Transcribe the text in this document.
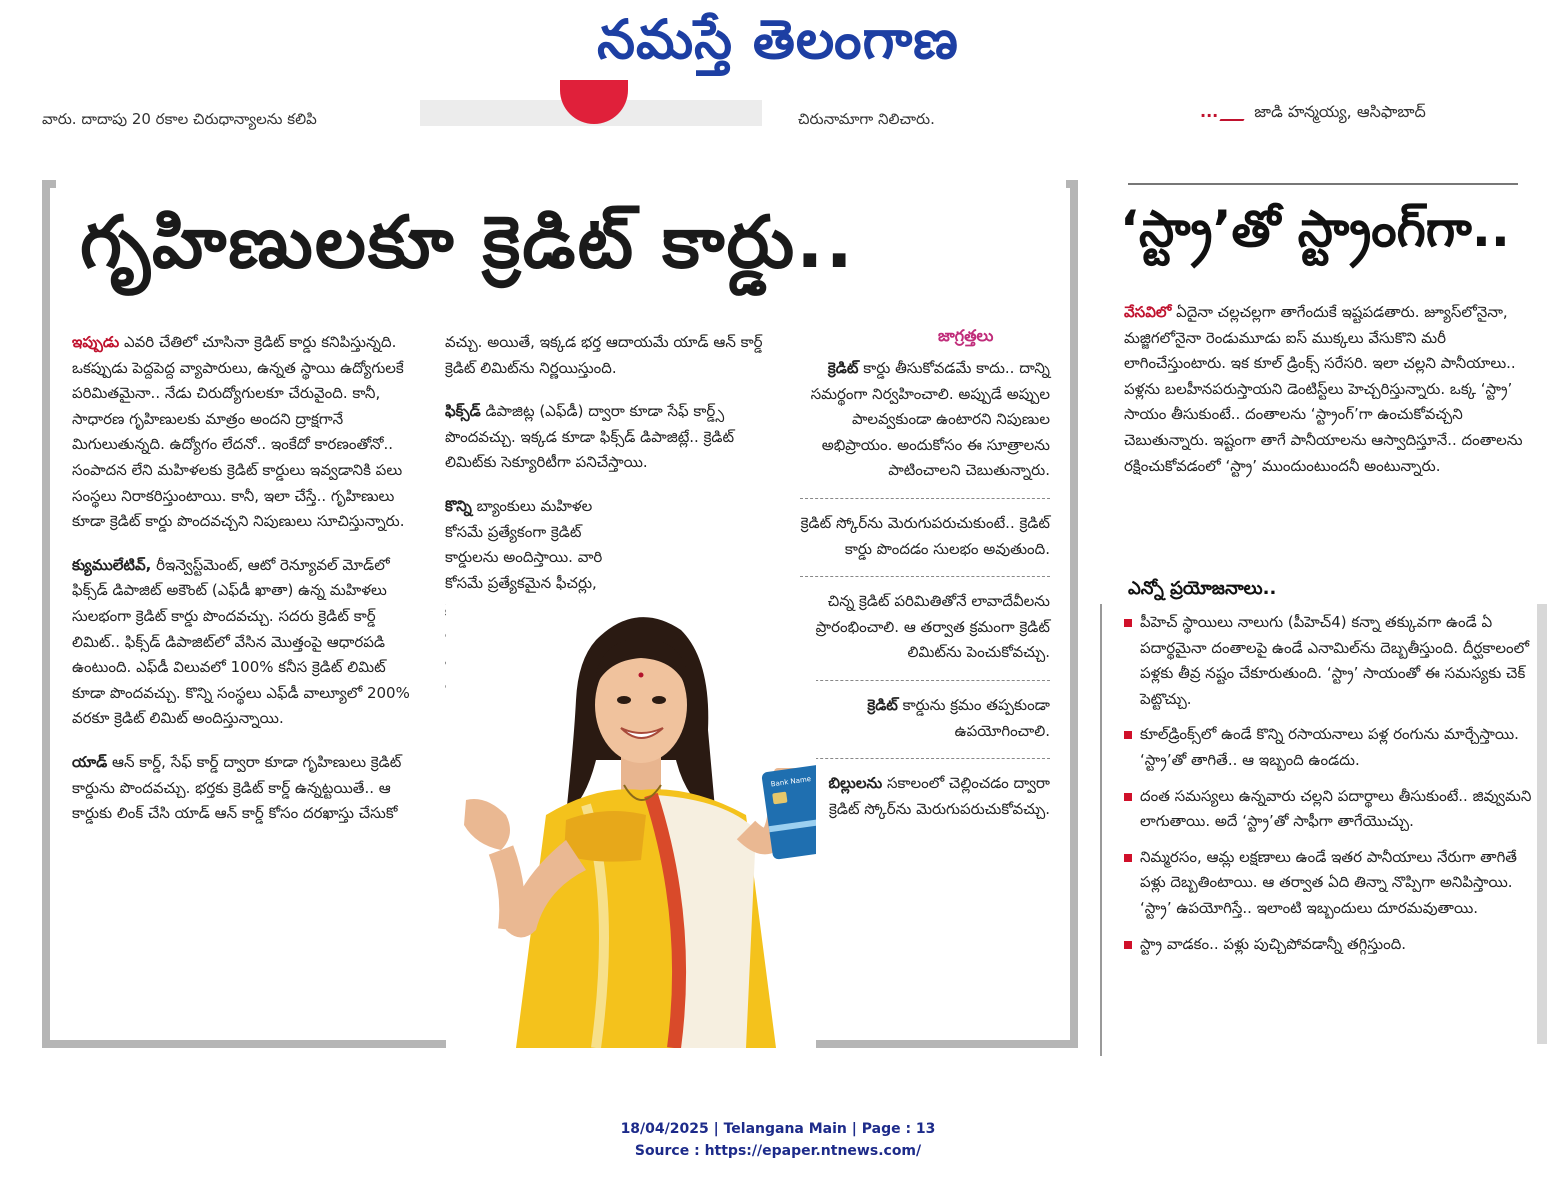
నమస్తే తెలంగాణ
వారు. దాదాపు 20 రకాల చిరుధాన్యాలను కలిపి	చిరునామాగా నిలిచారు.	... జాడి హన్మయ్య, ఆసిఫాబాద్
గృహిణులకూ క్రెడిట్ కార్డు..
జాగ్రత్తలు

ఇప్పుడు ఎవరి చేతిలో చూసినా క్రెడిట్ కార్డు కనిపిస్తున్నది. ఒకప్పుడు పెద్దపెద్ద వ్యాపారులు, ఉన్నత స్థాయి ఉద్యోగులకే పరిమితమైనా.. నేడు చిరుద్యోగులకూ చేరువైంది. కానీ, సాధారణ గృహిణులకు మాత్రం అందని ద్రాక్షగానే మిగులుతున్నది. ఉద్యోగం లేదనో.. ఇంకేదో కారణంతోనో.. సంపాదన లేని మహిళలకు క్రెడిట్ కార్డులు ఇవ్వడానికి పలు సంస్థలు నిరాకరిస్తుంటాయి. కానీ, ఇలా చేస్తే.. గృహిణులు కూడా క్రెడిట్ కార్డు పొందవచ్చని నిపుణులు సూచిస్తున్నారు.

క్యుములేటివ్, రీఇన్వెస్ట్‌మెంట్, ఆటో రెన్యూవల్ మోడ్‌లో ఫిక్స్‌డ్ డిపాజిట్ అకౌంట్ (ఎఫ్‌డీ ఖాతా) ఉన్న మహిళలు సులభంగా క్రెడిట్ కార్డు పొందవచ్చు. సదరు క్రెడిట్ కార్డ్ లిమిట్.. ఫిక్స్‌డ్ డిపాజిట్‌లో వేసిన మొత్తంపై ఆధారపడి ఉంటుంది. ఎఫ్‌డీ విలువలో 100% కనీస క్రెడిట్ లిమిట్ కూడా పొందవచ్చు. కొన్ని సంస్థలు ఎఫ్‌డీ వాల్యూలో 200% వరకూ క్రెడిట్ లిమిట్ అందిస్తున్నాయి.

యాడ్ ఆన్ కార్డ్, సేఫ్ కార్డ్ ద్వారా కూడా గృహిణులు క్రెడిట్ కార్డును పొందవచ్చు. భర్తకు క్రెడిట్ కార్డ్ ఉన్నట్టయితే.. ఆ కార్డుకు లింక్ చేసి యాడ్ ఆన్ కార్డ్ కోసం దరఖాస్తు చేసుకో

వచ్చు. అయితే, ఇక్కడ భర్త ఆదాయమే యాడ్ ఆన్ కార్డ్ క్రెడిట్ లిమిట్‌ను నిర్ణయిస్తుంది.

ఫిక్స్‌డ్ డిపాజిట్ల (ఎఫ్‌డీ) ద్వారా కూడా సేఫ్ కార్డ్స్ పొందవచ్చు. ఇక్కడ కూడా ఫిక్స్‌డ్ డిపాజిట్లే.. క్రెడిట్ లిమిట్‌కు సెక్యూరిటీగా పనిచేస్తాయి.

కొన్ని బ్యాంకులు మహిళల కోసమే ప్రత్యేకంగా క్రెడిట్ కార్డులను అందిస్తాయి. వారి కోసమే ప్రత్యేకమైన ఫీచర్లు,

క్రెడిట్ కార్డు తీసుకోవడమే కాదు.. దాన్ని సమర్థంగా నిర్వహించాలి. అప్పుడే అప్పుల పాలవ్వకుండా ఉంటారని నిపుణుల అభిప్రాయం. అందుకోసం ఈ సూత్రాలను పాటించాలని చెబుతున్నారు.
క్రెడిట్ స్కోర్‌ను మెరుగుపరుచుకుంటే.. క్రెడిట్ కార్డు పొందడం సులభం అవుతుంది.
చిన్న క్రెడిట్ పరిమితితోనే లావాదేవీలను ప్రారంభించాలి. ఆ తర్వాత క్రమంగా క్రెడిట్ లిమిట్‌ను పెంచుకోవచ్చు.
క్రెడిట్ కార్డును క్రమం తప్పకుండా ఉపయోగించాలి.
బిల్లులను సకాలంలో చెల్లించడం ద్వారా క్రెడిట్ స్కోర్‌ను మెరుగుపరుచుకోవచ్చు.
Bank Name
‘స్ట్రా’తో స్ట్రాంగ్‌గా..
వేసవిలో ఏదైనా చల్లచల్లగా తాగేందుకే ఇష్టపడతారు. జ్యూస్‌లోనైనా, మజ్జిగలోనైనా రెండుమూడు ఐస్ ముక్కలు వేసుకొని మరీ లాగించేస్తుంటారు. ఇక కూల్ డ్రింక్స్ సరేసరి. ఇలా చల్లని పానీయాలు.. పళ్లను బలహీనపరుస్తాయని డెంటిస్ట్‌లు హెచ్చరిస్తున్నారు. ఒక్క ‘స్ట్రా’ సాయం తీసుకుంటే.. దంతాలను ‘స్ట్రాంగ్’గా ఉంచుకోవచ్చని చెబుతున్నారు. ఇష్టంగా తాగే పానీయాలను ఆస్వాదిస్తూనే.. దంతాలను రక్షించుకోవడంలో ‘స్ట్రా’ ముందుంటుందనీ అంటున్నారు.
ఎన్నో ప్రయోజనాలు..
పీహెచ్ స్థాయిలు నాలుగు (పీహెచ్4) కన్నా తక్కువగా ఉండే ఏ పదార్థమైనా దంతాలపై ఉండే ఎనామిల్‌ను దెబ్బతీస్తుంది. దీర్ఘకాలంలో పళ్లకు తీవ్ర నష్టం చేకూరుతుంది. ‘స్ట్రా’ సాయంతో ఈ సమస్యకు చెక్ పెట్టొచ్చు.
కూల్‌డ్రింక్స్‌లో ఉండే కొన్ని రసాయనాలు పళ్ల రంగును మార్చేస్తాయి. ‘స్ట్రా’తో తాగితే.. ఆ ఇబ్బంది ఉండదు.
దంత సమస్యలు ఉన్నవారు చల్లని పదార్థాలు తీసుకుంటే.. జివ్వుమని లాగుతాయి. అదే ‘స్ట్రా’తో సాఫీగా తాగేయొచ్చు.
నిమ్మరసం, ఆమ్ల లక్షణాలు ఉండే ఇతర పానీయాలు నేరుగా తాగితే పళ్లు దెబ్బతింటాయి. ఆ తర్వాత ఏది తిన్నా నొప్పిగా అనిపిస్తాయి. ‘స్ట్రా’ ఉపయోగిస్తే.. ఇలాంటి ఇబ్బందులు దూరమవుతాయి.
స్ట్రా వాడకం.. పళ్లు పుచ్చిపోవడాన్నీ తగ్గిస్తుంది.
18/04/2025 | Telangana Main | Page : 13
Source : https://epaper.ntnews.com/
